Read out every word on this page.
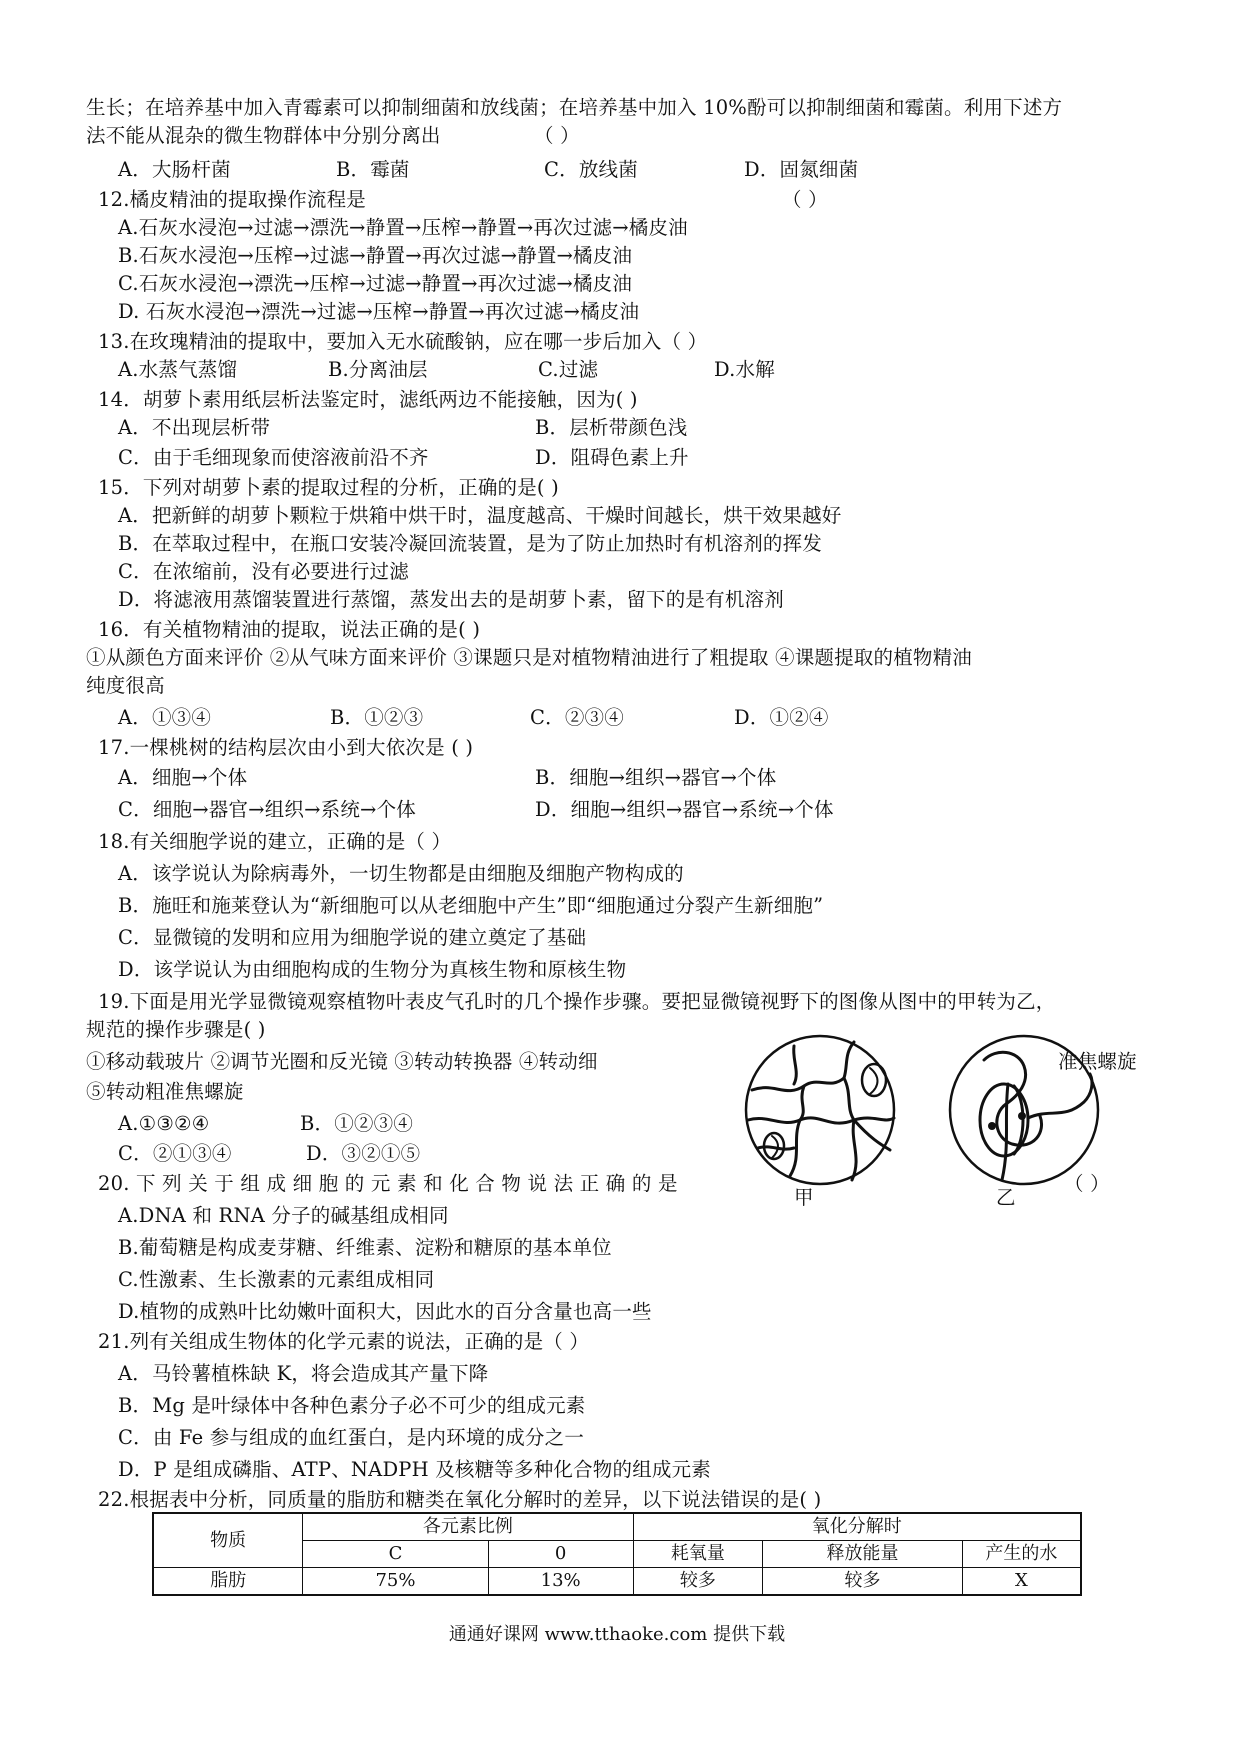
生长；在培养基中加入青霉素可以抑制细菌和放线菌；在培养基中加入 10%酚可以抑制细菌和霉菌。利用下述方
法不能从混杂的微生物群体中分别分离出	（ ）
A．大肠杆菌	B．霉菌	C．放线菌	D．固氮细菌
12.橘皮精油的提取操作流程是	（ ）
A.石灰水浸泡→过滤→漂洗→静置→压榨→静置→再次过滤→橘皮油
B.石灰水浸泡→压榨→过滤→静置→再次过滤→静置→橘皮油
C.石灰水浸泡→漂洗→压榨→过滤→静置→再次过滤→橘皮油
D. 石灰水浸泡→漂洗→过滤→压榨→静置→再次过滤→橘皮油
13.在玫瑰精油的提取中，要加入无水硫酸钠，应在哪一步后加入（ ）
A.水蒸气蒸馏	B.分离油层	C.过滤	D.水解
14．胡萝卜素用纸层析法鉴定时，滤纸两边不能接触，因为( )
A．不出现层析带	B．层析带颜色浅
C．由于毛细现象而使溶液前沿不齐	D．阻碍色素上升
15．下列对胡萝卜素的提取过程的分析，正确的是( )
A．把新鲜的胡萝卜颗粒于烘箱中烘干时，温度越高、干燥时间越长，烘干效果越好
B．在萃取过程中，在瓶口安装冷凝回流装置，是为了防止加热时有机溶剂的挥发
C．在浓缩前，没有必要进行过滤
D．将滤液用蒸馏装置进行蒸馏，蒸发出去的是胡萝卜素，留下的是有机溶剂
16．有关植物精油的提取，说法正确的是( )
①从颜色方面来评价 ②从气味方面来评价 ③课题只是对植物精油进行了粗提取 ④课题提取的植物精油
纯度很高
A．①③④	B．①②③	C．②③④	D．①②④
17.一棵桃树的结构层次由小到大依次是 ( )
A．细胞→个体	B．细胞→组织→器官→个体
C．细胞→器官→组织→系统→个体	D．细胞→组织→器官→系统→个体
18.有关细胞学说的建立，正确的是（ ）
A．该学说认为除病毒外，一切生物都是由细胞及细胞产物构成的
B．施旺和施莱登认为“新细胞可以从老细胞中产生”即“细胞通过分裂产生新细胞”
C．显微镜的发明和应用为细胞学说的建立奠定了基础
D．该学说认为由细胞构成的生物分为真核生物和原核生物
19.下面是用光学显微镜观察植物叶表皮气孔时的几个操作步骤。要把显微镜视野下的图像从图中的甲转为乙，
规范的操作步骤是( )
①移动载玻片 ②调节光圈和反光镜 ③转动转换器 ④转动细	准焦螺旋
⑤转动粗准焦螺旋
A.①③②④	B．①②③④
C．②①③④	D．③②①⑤
甲	乙
20. 下 列 关 于 组 成 细 胞 的 元 素 和 化 合 物 说 法 正 确 的 是	（ ）
A.DNA 和 RNA 分子的碱基组成相同
B.葡萄糖是构成麦芽糖、纤维素、淀粉和糖原的基本单位
C.性激素、生长激素的元素组成相同
D.植物的成熟叶比幼嫩叶面积大，因此水的百分含量也高一些
21.列有关组成生物体的化学元素的说法，正确的是（ ）
A．马铃薯植株缺 K，将会造成其产量下降
B．Mg 是叶绿体中各种色素分子必不可少的组成元素
C．由 Fe 参与组成的血红蛋白，是内环境的成分之一
D．P 是组成磷脂、ATP、NADPH 及核糖等多种化合物的组成元素
22.根据表中分析，同质量的脂肪和糖类在氧化分解时的差异，以下说法错误的是( )
物质	各元素比例		氧化分解时		
	C	0	耗氧量	释放能量	产生的水
脂肪	75%	13%	较多	较多	X
通通好课网 www.tthaoke.com 提供下载
